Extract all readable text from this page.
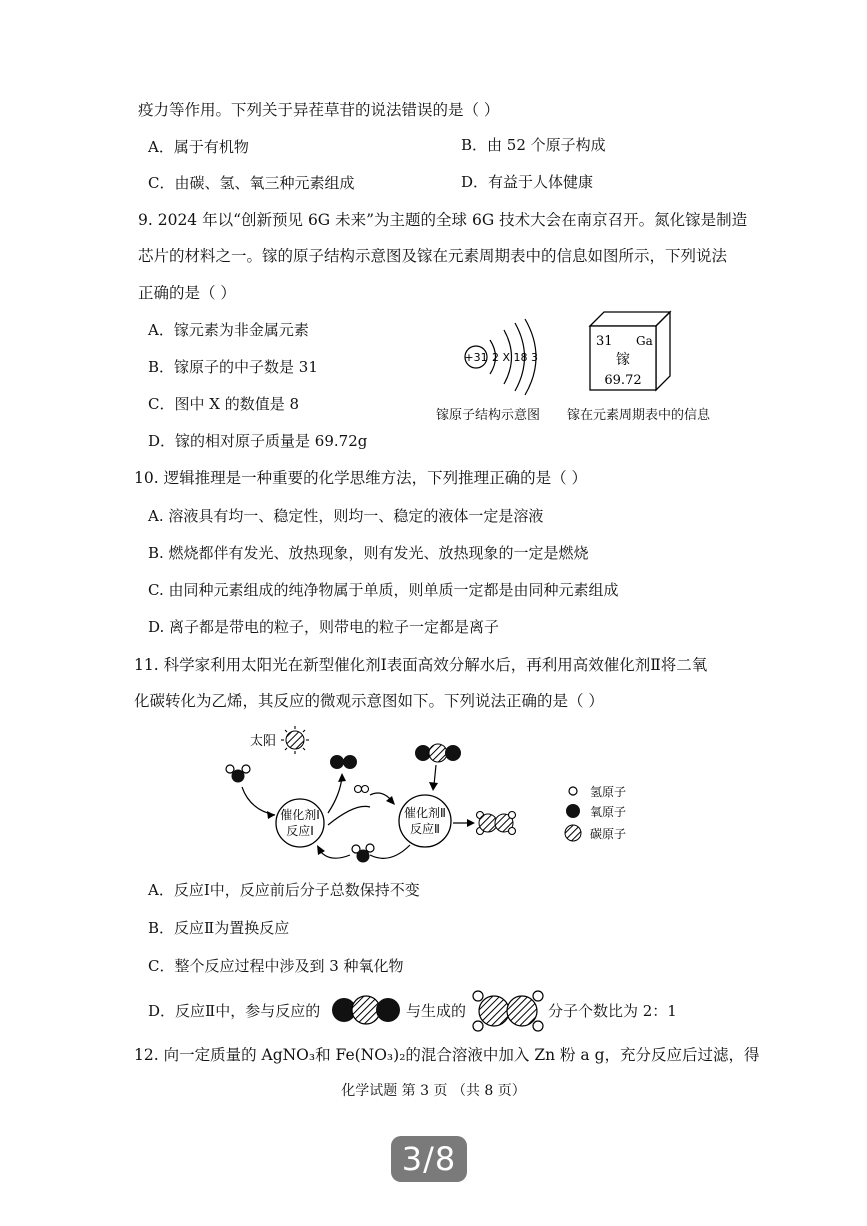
疫力等作用。下列关于异茬草苷的说法错误的是（ ）
A．属于有机物	B．由 52 个原子构成
C．由碳、氢、氧三种元素组成	D．有益于人体健康
9. 2024 年以“创新预见 6G 未来”为主题的全球 6G 技术大会在南京召开。氮化镓是制造
芯片的材料之一。镓的原子结构示意图及镓在元素周期表中的信息如图所示，下列说法
正确的是（ ）
A．镓元素为非金属元素
B．镓原子的中子数是 31
C．图中 X 的数值是 8
D．镓的相对原子质量是 69.72g
+31 2 X 18 3
镓原子结构示意图
31 Ga
镓
69.72
镓在元素周期表中的信息
10. 逻辑推理是一种重要的化学思维方法，下列推理正确的是（ ）
A. 溶液具有均一、稳定性，则均一、稳定的液体一定是溶液
B. 燃烧都伴有发光、放热现象，则有发光、放热现象的一定是燃烧
C. 由同种元素组成的纯净物属于单质，则单质一定都是由同种元素组成
D. 离子都是带电的粒子，则带电的粒子一定都是离子
11. 科学家利用太阳光在新型催化剂Ⅰ表面高效分解水后，再利用高效催化剂Ⅱ将二氧
化碳转化为乙烯，其反应的微观示意图如下。下列说法正确的是（ ）
太阳
催化剂Ⅰ
反应Ⅰ
催化剂Ⅱ
反应Ⅱ
氢原子
氧原子
碳原子
A．反应Ⅰ中，反应前后分子总数保持不变
B．反应Ⅱ为置换反应
C．整个反应过程中涉及到 3 种氧化物
D．反应Ⅱ中，参与反应的	与生成的	分子个数比为 2：1
12. 向一定质量的 AgNO₃和 Fe(NO₃)₂的混合溶液中加入 Zn 粉 a g，充分反应后过滤，得
化学试题 第 3 页 （共 8 页）
3/8
